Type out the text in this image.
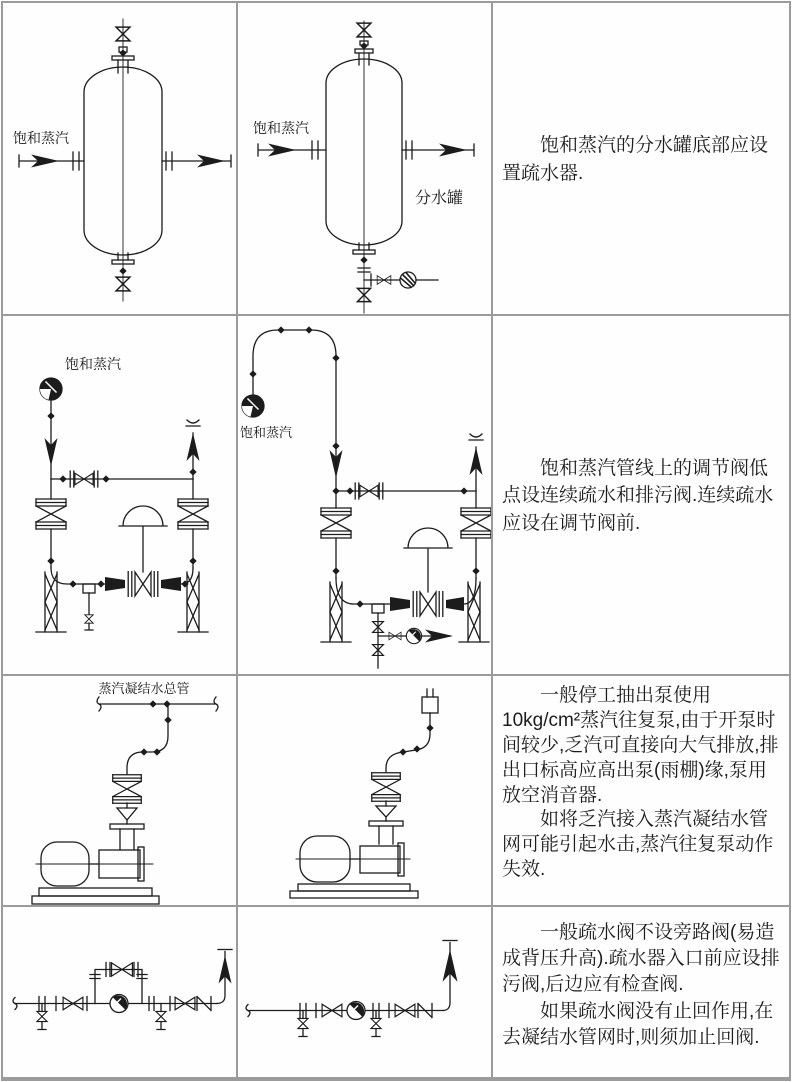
饱和蒸汽
饱和蒸汽
分水罐

饱和蒸汽的分水罐底部应设置疏水器.

饱和蒸汽
饱和蒸汽

饱和蒸汽管线上的调节阀低点设连续疏水和排污阀.连续疏水应设在调节阀前.

蒸汽凝结水总管	一般停工抽出泵使用10kg/cm²蒸汽往复泵,由于开泵时间较少,乏汽可直接向大气排放,排出口标高应高出泵(雨棚)缘,泵用放空消音器.

如将乏汽接入蒸汽凝结水管网可能引起水击,蒸汽往复泵动作失效.

一般疏水阀不设旁路阀(易造成背压升高).疏水器入口前应设排污阀,后边应有检查阀.

如果疏水阀没有止回作用,在去凝结水管网时,则须加止回阀.
